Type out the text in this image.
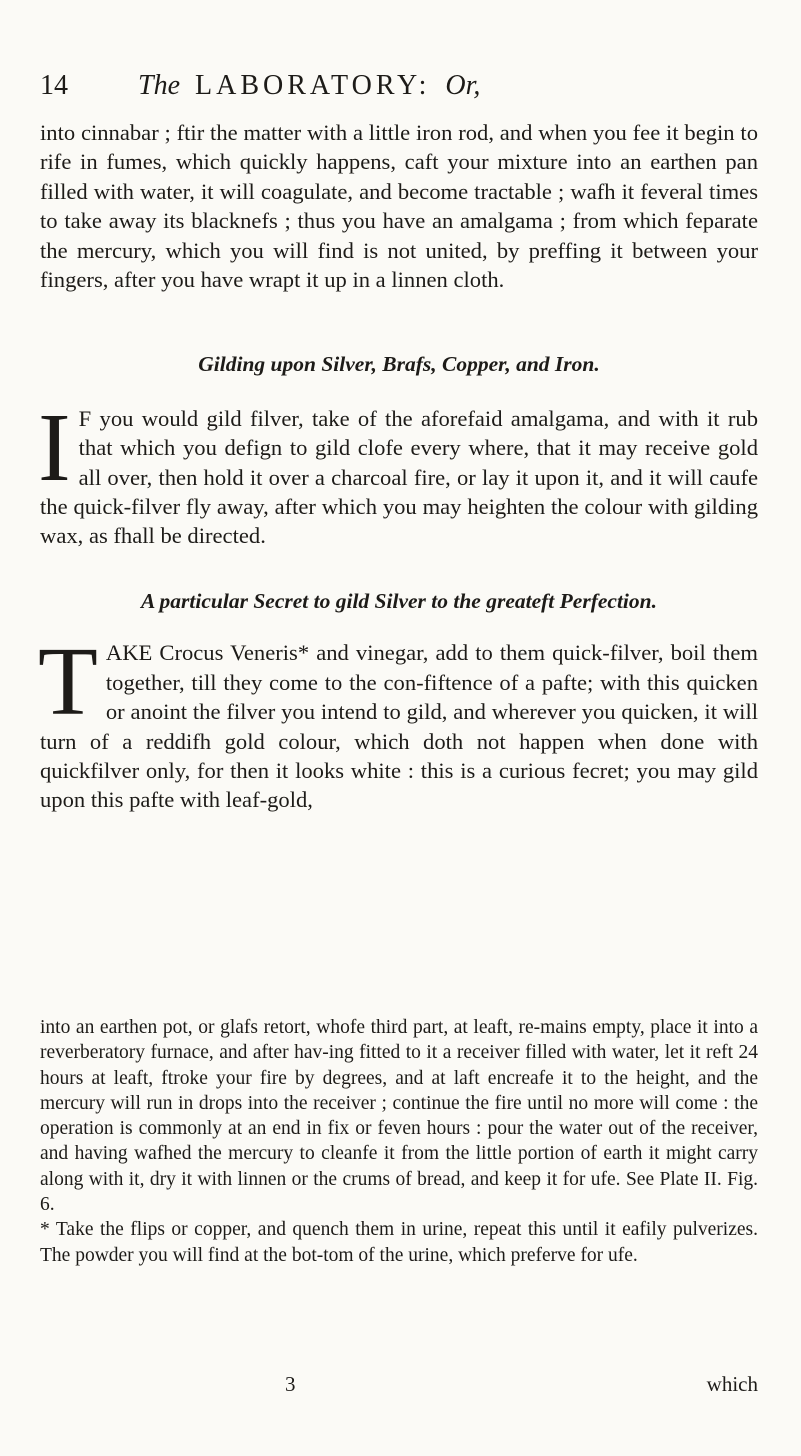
14	The LABORATORY: Or,

into cinnabar ; ftir the matter with a little iron rod, and when you fee it begin to rife in fumes, which quickly happens, caft your mixture into an earthen pan filled with water, it will coagulate, and become tractable ; wafh it feveral times to take away its blacknefs ; thus you have an amalgama ; from which feparate the mercury, which you will find is not united, by preffing it between your fingers, after you have wrapt it up in a linnen cloth.

Gilding upon Silver, Brafs, Copper, and Iron.

I F you would gild filver, take of the aforefaid amalgama, and with it rub that which you defign to gild clofe every where, that it may receive gold all over, then hold it over a charcoal fire, or lay it upon it, and it will caufe the quick-filver fly away, after which you may heighten the colour with gilding wax, as fhall be directed.

A particular Secret to gild Silver to the greateft Perfection.

T AKE Crocus Veneris* and vinegar, add to them quick-filver, boil them together, till they come to the con-fiftence of a pafte; with this quicken or anoint the filver you intend to gild, and wherever you quicken, it will turn of a reddifh gold colour, which doth not happen when done with quickfilver only, for then it looks white : this is a curious fecret; you may gild upon this pafte with leaf-gold,

into an earthen pot, or glafs retort, whofe third part, at leaft, re-mains empty, place it into a reverberatory furnace, and after hav-ing fitted to it a receiver filled with water, let it reft 24 hours at leaft, ftroke your fire by degrees, and at laft encreafe it to the height, and the mercury will run in drops into the receiver ; continue the fire until no more will come : the operation is commonly at an end in fix or feven hours : pour the water out of the receiver, and having wafhed the mercury to cleanfe it from the little portion of earth it might carry along with it, dry it with linnen or the crums of bread, and keep it for ufe. See Plate II. Fig. 6.

* Take the flips or copper, and quench them in urine, repeat this until it eafily pulverizes. The powder you will find at the bot-tom of the urine, which preferve for ufe.

3	which
